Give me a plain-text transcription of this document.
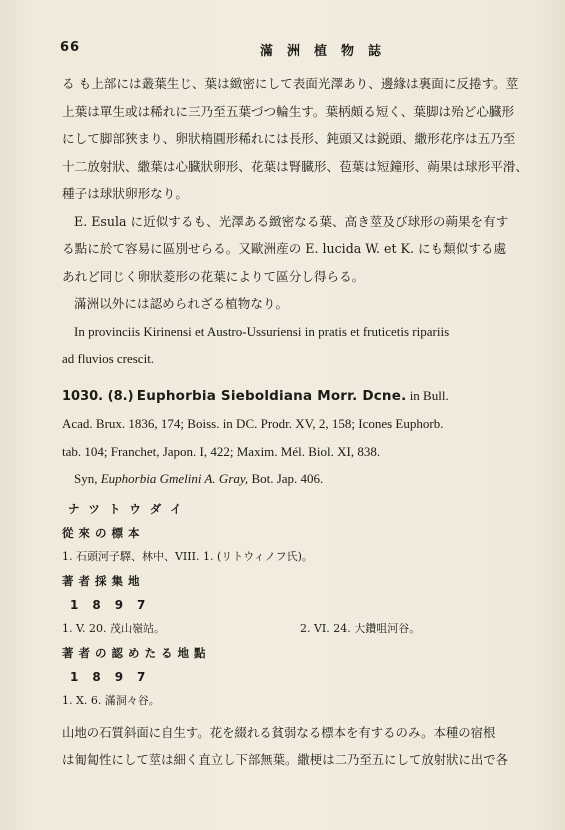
66	滿洲植物誌
る も上部には叢葉生じ、葉は緻密にして表面光澤あり、邊緣は裏面に反捲す。莖
上葉は單生或は稀れに三乃至五葉づつ輪生す。葉柄頗る短く、葉脚は殆ど心臓形
にして脚部狹まり、卵狀楕圓形稀れには長形、鈍頭又は鋭頭、繖形花序は五乃至
十二放射狀、繖葉は心臓狀卵形、花葉は腎臓形、苞葉は短鐘形、蒴果は球形平滑、
種子は球狀卵形なり。
E. Esula に近似するも、光澤ある緻密なる葉、高き莖及び球形の蒴果を有す
る點に於て容易に區別せらる。又歐洲産の E. lucida W. et K. にも類似する處
あれど同じく卵狀菱形の花葉によりて區分し得らる。
滿洲以外には認められざる植物なり。
In provinciis Kirinensi et Austro-Ussuriensi in pratis et fruticetis ripariis
ad fluvios crescit.
1030. (8.) Euphorbia Sieboldiana Morr. Dcne. in Bull.
Acad. Brux. 1836, 174; Boiss. in DC. Prodr. XV, 2, 158; Icones Euphorb.
tab. 104; Franchet, Japon. I, 422; Maxim. Mél. Biol. XI, 838.
Syn, Euphorbia Gmelini A. Gray, Bot. Jap. 406.
ナツトウダイ
從來の標本
1. 石頭河子驛、林中、VIII. 1. (リトウィノフ氏)。
著者採集地
1897
1. V. 20. 茂山嶺站。	2. VI. 24. 大鑽咀河谷。
著者の認めたる地點
1897
1. X. 6. 滿洞々谷。
山地の石質斜面に自生す。花を綴れる貧弱なる標本を有するのみ。本種の宿根
は匍匐性にして莖は細く直立し下部無葉。繖梗は二乃至五にして放射狀に出で各
